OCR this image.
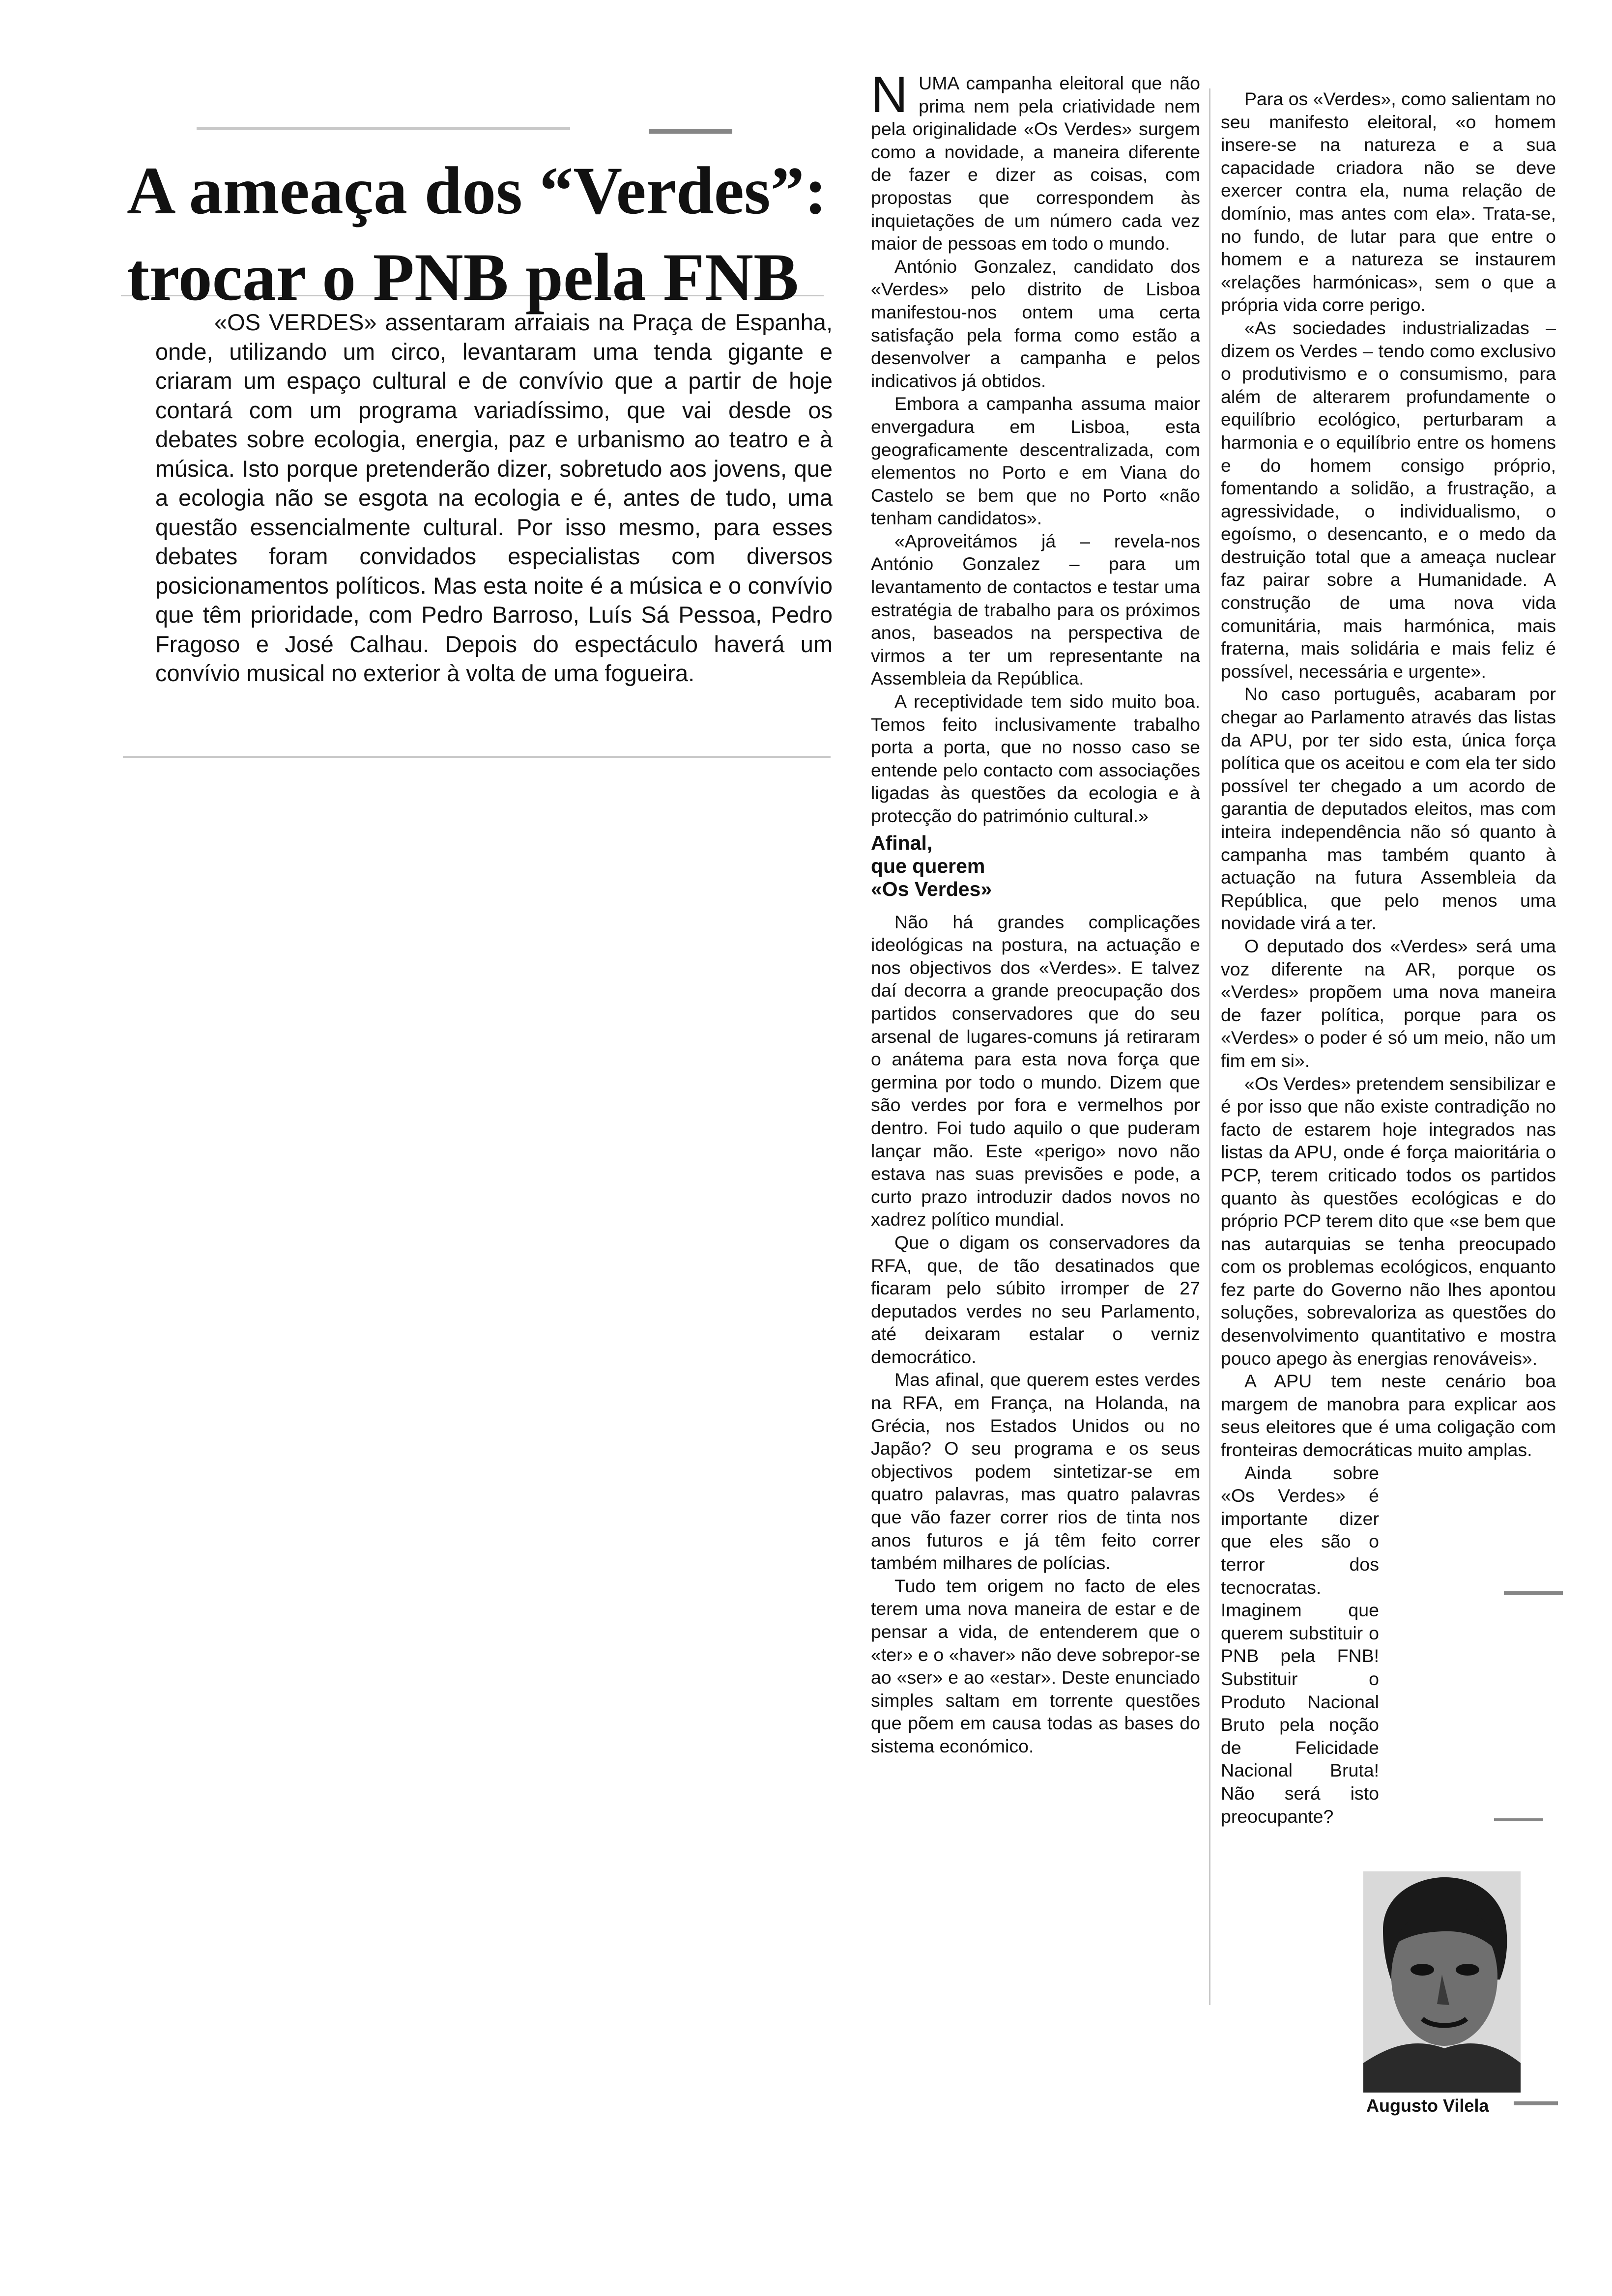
A ameaça dos “Verdes”:
trocar o PNB pela FNB

«OS VERDES» assentaram arraiais na Praça de Espanha, onde, utilizando um circo, levantaram uma tenda gigante e criaram um espaço cultural e de convívio que a partir de hoje contará com um programa variadíssimo, que vai desde os debates sobre ecologia, energia, paz e urbanismo ao teatro e à música. Isto porque pretenderão dizer, sobretudo aos jovens, que a ecologia não se esgota na ecologia e é, antes de tudo, uma questão essencialmente cultural. Por isso mesmo, para esses debates foram convidados especialistas com diversos posicionamentos políticos. Mas esta noite é a música e o convívio que têm prioridade, com Pedro Barroso, Luís Sá Pessoa, Pedro Fragoso e José Calhau. Depois do espectáculo haverá um convívio musical no exterior à volta de uma fogueira.

NUMA campanha eleitoral que não prima nem pela criatividade nem pela originalidade «Os Verdes» surgem como a novidade, a maneira diferente de fazer e dizer as coisas, com propostas que correspondem às inquietações de um número cada vez maior de pessoas em todo o mundo.

António Gonzalez, candidato dos «Verdes» pelo distrito de Lisboa manifestou-nos ontem uma certa satisfação pela forma como estão a desenvolver a campanha e pelos indicativos já obtidos.

Embora a campanha assuma maior envergadura em Lisboa, esta geograficamente descentralizada, com elementos no Porto e em Viana do Castelo se bem que no Porto «não tenham candidatos».

«Aproveitámos já – revela-nos António Gonzalez – para um levantamento de contactos e testar uma estratégia de trabalho para os próximos anos, baseados na perspectiva de virmos a ter um representante na Assembleia da República.

A receptividade tem sido muito boa. Temos feito inclusivamente trabalho porta a porta, que no nosso caso se entende pelo contacto com associações ligadas às questões da ecologia e à protecção do património cultural.»

Afinal,
que querem
«Os Verdes»

Não há grandes complicações ideológicas na postura, na actuação e nos objectivos dos «Verdes». E talvez daí decorra a grande preocupação dos partidos conservadores que do seu arsenal de lugares-comuns já retiraram o anátema para esta nova força que germina por todo o mundo. Dizem que são verdes por fora e vermelhos por dentro. Foi tudo aquilo o que puderam lançar mão. Este «perigo» novo não estava nas suas previsões e pode, a curto prazo introduzir dados novos no xadrez político mundial.

Que o digam os conservadores da RFA, que, de tão desatinados que ficaram pelo súbito irromper de 27 deputados verdes no seu Parlamento, até deixaram estalar o verniz democrático.

Mas afinal, que querem estes verdes na RFA, em França, na Holanda, na Grécia, nos Estados Unidos ou no Japão? O seu programa e os seus objectivos podem sintetizar-se em quatro palavras, mas quatro palavras que vão fazer correr rios de tinta nos anos futuros e já têm feito correr também milhares de polícias.

Tudo tem origem no facto de eles terem uma nova maneira de estar e de pensar a vida, de entenderem que o «ter» e o «haver» não deve sobrepor-se ao «ser» e ao «estar». Deste enunciado simples saltam em torrente questões que põem em causa todas as bases do sistema económico.

Para os «Verdes», como salientam no seu manifesto eleitoral, «o homem insere-se na natureza e a sua capacidade criadora não se deve exercer contra ela, numa relação de domínio, mas antes com ela». Trata-se, no fundo, de lutar para que entre o homem e a natureza se instaurem «relações harmónicas», sem o que a própria vida corre perigo.

«As sociedades industrializadas – dizem os Verdes – tendo como exclusivo o produtivismo e o consumismo, para além de alterarem profundamente o equilíbrio ecológico, perturbaram a harmonia e o equilíbrio entre os homens e do homem consigo próprio, fomentando a solidão, a frustração, a agressividade, o individualismo, o egoísmo, o desencanto, e o medo da destruição total que a ameaça nuclear faz pairar sobre a Humanidade. A construção de uma nova vida comunitária, mais harmónica, mais fraterna, mais solidária e mais feliz é possível, necessária e urgente».

No caso português, acabaram por chegar ao Parlamento através das listas da APU, por ter sido esta, única força política que os aceitou e com ela ter sido possível ter chegado a um acordo de garantia de deputados eleitos, mas com inteira independência não só quanto à campanha mas também quanto à actuação na futura Assembleia da República, que pelo menos uma novidade virá a ter.

O deputado dos «Verdes» será uma voz diferente na AR, porque os «Verdes» propõem uma nova maneira de fazer política, porque para os «Verdes» o poder é só um meio, não um fim em si».

«Os Verdes» pretendem sensibilizar e é por isso que não existe contradição no facto de estarem hoje integrados nas listas da APU, onde é força maioritária o PCP, terem criticado todos os partidos quanto às questões ecológicas e do próprio PCP terem dito que «se bem que nas autarquias se tenha preocupado com os problemas ecológicos, enquanto fez parte do Governo não lhes apontou soluções, sobrevaloriza as questões do desenvolvimento quantitativo e mostra pouco apego às energias renováveis».

A APU tem neste cenário boa margem de manobra para explicar aos seus eleitores que é uma coligação com fronteiras democráticas muito amplas.

Ainda sobre «Os Verdes» é importante dizer que eles são o terror dos tecnocratas. Imaginem que querem substituir o PNB pela FNB! Substituir o Produto Nacional Bruto pela noção de Felicidade Nacional Bruta! Não será isto preocupante?

Augusto Vilela
